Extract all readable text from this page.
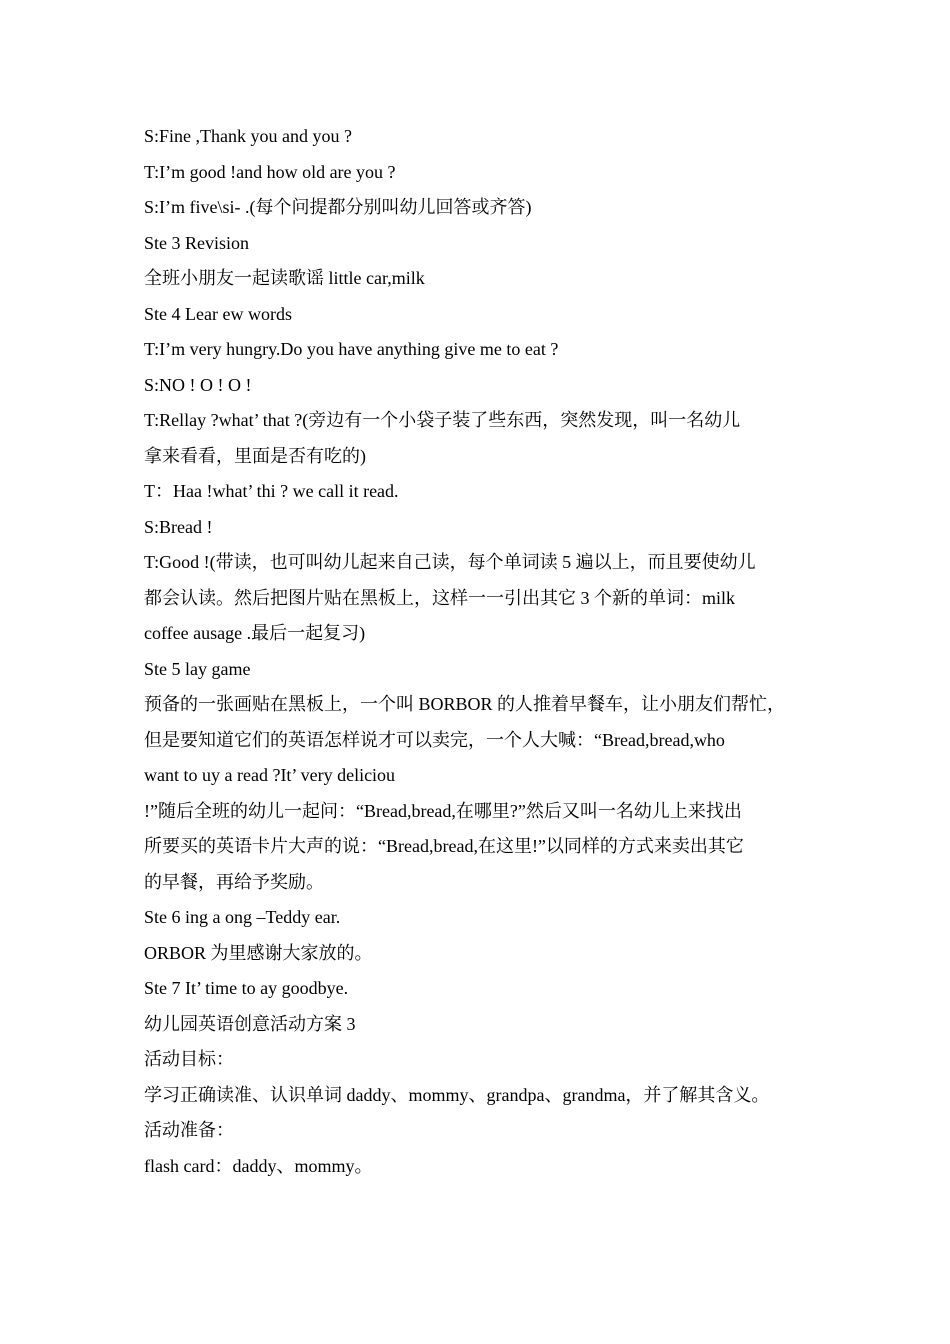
S:Fine ,Thank you and you ?
T:I’m good !and how old are you ?
S:I’m five\si- .(每个问提都分别叫幼儿回答或齐答)
Ste 3 Revision
全班小朋友一起读歌谣 little car,milk
Ste 4 Lear ew words
T:I’m very hungry.Do you have anything give me to eat ?
S:NO ! O ! O !
T:Rellay ?what’ that ?(旁边有一个小袋子装了些东西，突然发现，叫一名幼儿
拿来看看，里面是否有吃的)
T：Haa !what’ thi ? we call it read.
S:Bread !
T:Good !(带读，也可叫幼儿起来自己读，每个单词读 5 遍以上，而且要使幼儿
都会认读。然后把图片贴在黑板上，这样一一引出其它 3 个新的单词：milk
coffee ausage .最后一起复习)
Ste 5 lay game
预备的一张画贴在黑板上，一个叫 BORBOR 的人推着早餐车，让小朋友们帮忙，
但是要知道它们的英语怎样说才可以卖完，一个人大喊：“Bread,bread,who
want to uy a read ?It’ very deliciou
!”随后全班的幼儿一起问：“Bread,bread,在哪里?”然后又叫一名幼儿上来找出
所要买的英语卡片大声的说：“Bread,bread,在这里!”以同样的方式来卖出其它
的早餐，再给予奖励。
Ste 6 ing a ong –Teddy ear.
ORBOR 为里感谢大家放的。
Ste 7 It’ time to ay goodbye.
幼儿园英语创意活动方案 3
活动目标：
学习正确读准、认识单词 daddy、mommy、grandpa、grandma，并了解其含义。
活动准备：
flash card：daddy、mommy。
